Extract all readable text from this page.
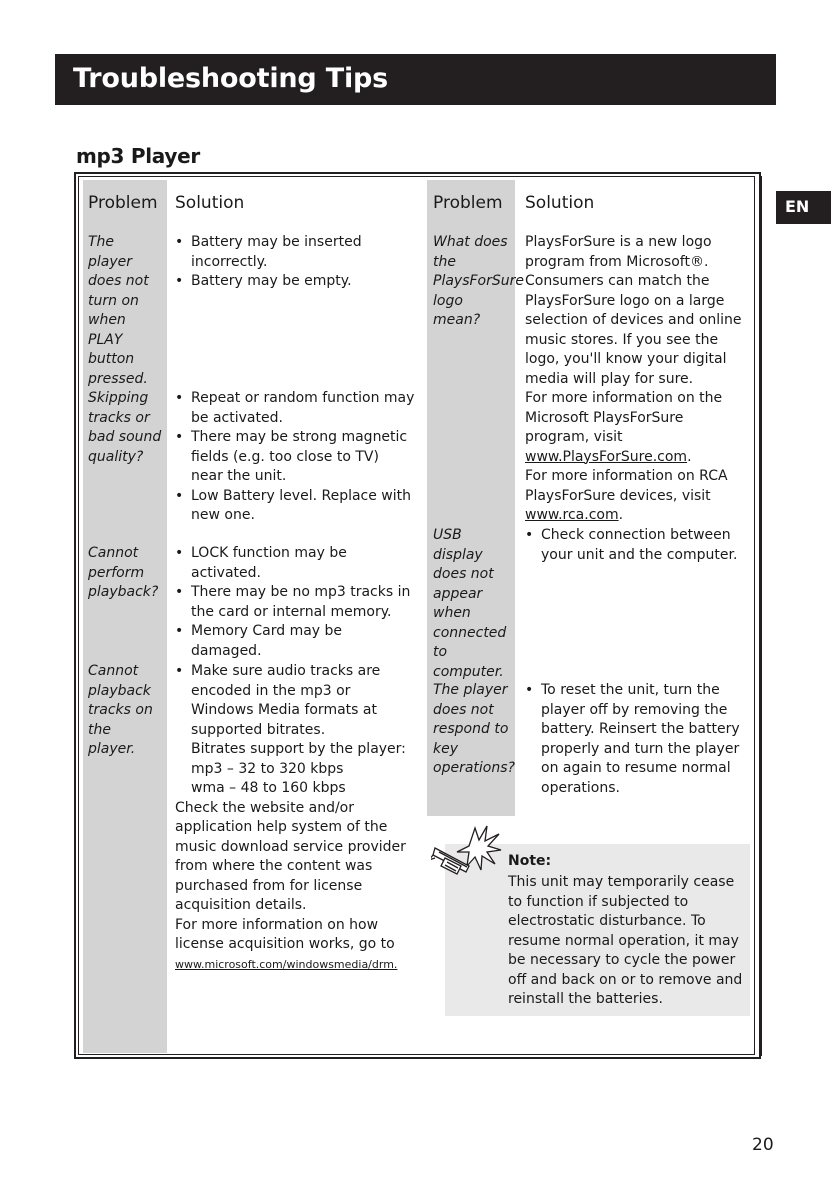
Troubleshooting Tips
mp3 Player
EN
Problem Solution	Problem Solution
The player does not turn on when PLAY button pressed.
• Battery may be inserted incorrectly.
• Battery may be empty.
Skipping tracks or bad sound quality?
• Repeat or random function may be activated.
• There may be strong magnetic fields (e.g. too close to TV) near the unit.
• Low Battery level. Replace with new one.
Cannot perform playback?
• LOCK function may be activated.
• There may be no mp3 tracks in the card or internal memory.
• Memory Card may be damaged.
Cannot playback tracks on the player.
• Make sure audio tracks are encoded in the mp3 or Windows Media formats at supported bitrates.
Bitrates support by the player:
mp3 – 32 to 320 kbps
wma – 48 to 160 kbps
Check the website and/or application help system of the music download service provider from where the content was purchased from for license acquisition details.
For more information on how license acquisition works, go to
www.microsoft.com/windowsmedia/drm.
What does the PlaysForSure logo mean?
PlaysForSure is a new logo program from Microsoft®. Consumers can match the PlaysForSure logo on a large selection of devices and online music stores. If you see the logo, you'll know your digital media will play for sure.
For more information on the Microsoft PlaysForSure program, visit www.PlaysForSure.com.
For more information on RCA PlaysForSure devices, visit www.rca.com.
USB display does not appear when connected to computer.
• Check connection between your unit and the computer.
The player does not respond to key operations?
• To reset the unit, turn the player off by removing the battery. Reinsert the battery properly and turn the player on again to resume normal operations.
Note:
This unit may temporarily cease to function if subjected to electrostatic disturbance. To resume normal operation, it may be necessary to cycle the power off and back on or to remove and reinstall the batteries.
20
